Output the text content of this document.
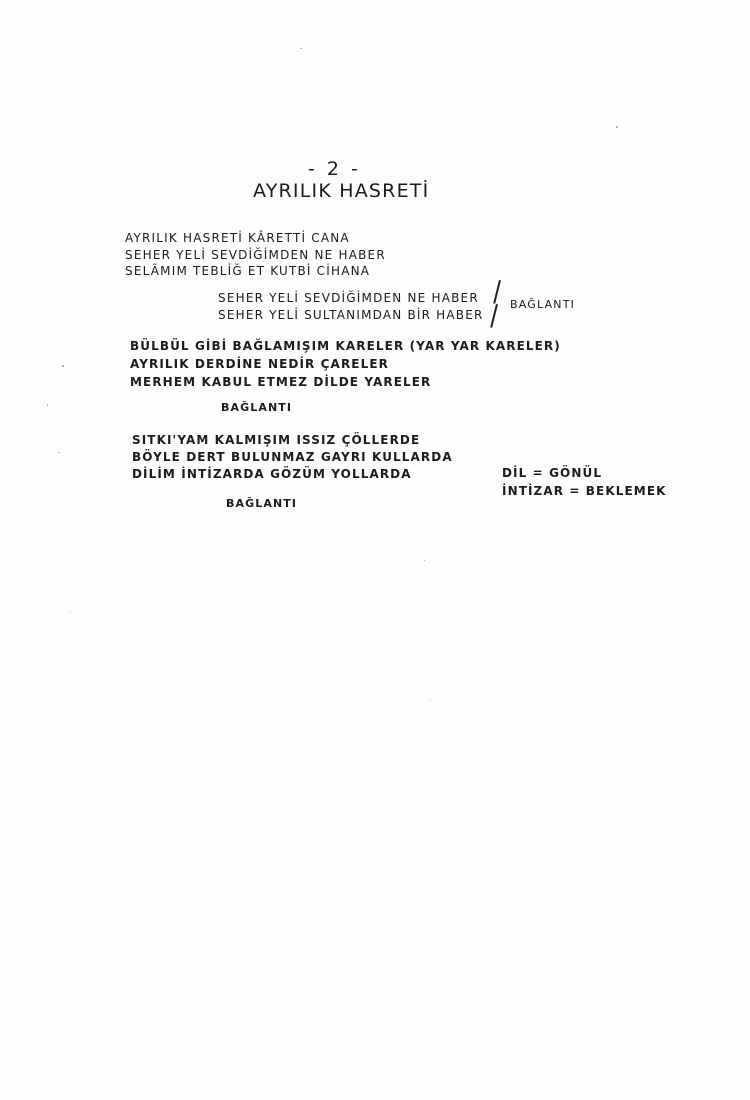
- 2 -
AYRILIK HASRETİ
AYRILIK HASRETİ KÂRETTİ CANA
SEHER YELİ SEVDİĞİMDEN NE HABER
SELÂMIM TEBLİĞ ET KUTBİ CİHANA
SEHER YELİ SEVDİĞİMDEN NE HABER
SEHER YELİ SULTANIMDAN BİR HABER
BAĞLANTI
BÜLBÜL GİBİ BAĞLAMIŞIM KARELER (YAR YAR KARELER)
AYRILIK DERDİNE NEDİR ÇARELER
MERHEM KABUL ETMEZ DİLDE YARELER
BAĞLANTI
SITKI'YAM KALMIŞIM ISSIZ ÇÖLLERDE
BÖYLE DERT BULUNMAZ GAYRI KULLARDA
DİLİM İNTİZARDA GÖZÜM YOLLARDA
BAĞLANTI
DİL = GÖNÜL
İNTİZAR = BEKLEMEK
